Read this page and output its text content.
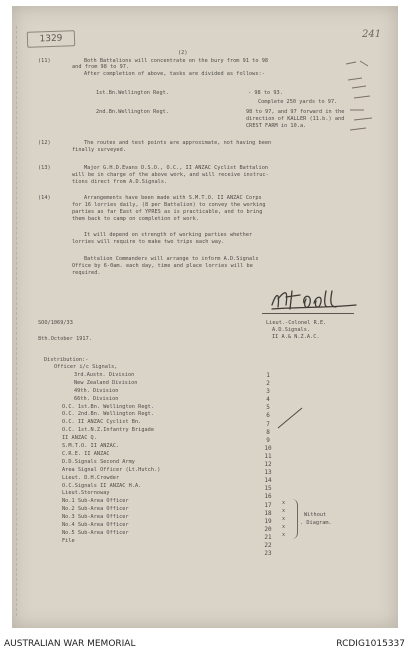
1329	241
(2)
(11)	Both Battalions will concentrate on the bury from 91 to 98
and from 98 to 97.
After completion of above, tasks are divided as follows:-
1st.Bn.Wellington Regt.	- 98 to 93.
Complete 250 yards to 97.
2nd.Bn.Wellington Regt.	98 to 97, and 97 forward in the
direction of KALLER (11.b.) and
CREST FARM in 10.a.
(12)	The routes and test points are approximate, not having been
finally surveyed.
(13)	Major G.H.D.Evans D.S.O., O.C., II ANZAC Cyclist Battalion
will be in charge of the above work, and will receive instruc-
tions direct from A.D.Signals.
(14)	Arrangements have been made with S.M.T.O. II ANZAC Corps
for 16 lorries daily, (8 per Battalion) to convey the working
parties as far East of YPRES as is practicable, and to bring
them back to camp on completion of work.
It will depend on strength of working parties whether
lorries will require to make two trips each way.
Battalion Commanders will arrange to inform A.D.Signals
Office by 6-0am. each day, time and place lorries will be
required.
SOO/1069/33	Lieut.-Colonel R.E.
A.D.Signals.
II A.& N.Z.A.C.
8th.October 1917.
Distribution:-
Officer i/c Signals,
3rd.Austn. Division
New Zealand Division
49th. Division
66th. Division
O.C. 1st.Bn. Wellington Regt.
O.C. 2nd.Bn. Wellington Regt.
O.C. II ANZAC Cyclist Bn.
O.C. 1st.N.Z.Infantry Brigade
II ANZAC Q.
S.M.T.O. II ANZAC.
C.R.E. II ANZAC
D.D.Signals Second Army
Area Signal Officer (Lt.Hutch.)
Lieut. D.H.Crowder
O.C.Signals II ANZAC H.A.
Lieut.Stornoway
No.1 Sub-Area Officer
No.2 Sub-Area Officer
No.3 Sub-Area Officer
No.4 Sub-Area Officer
No.5 Sub-Area Officer
File
1
2
3
4
5
6
7
8
9
10
11
12
13
14
15
16
17
18
19
20
21
22
23
x
x
x
x
x
Without
. Diagram.
AUSTRALIAN WAR MEMORIAL	RCDIG1015337
